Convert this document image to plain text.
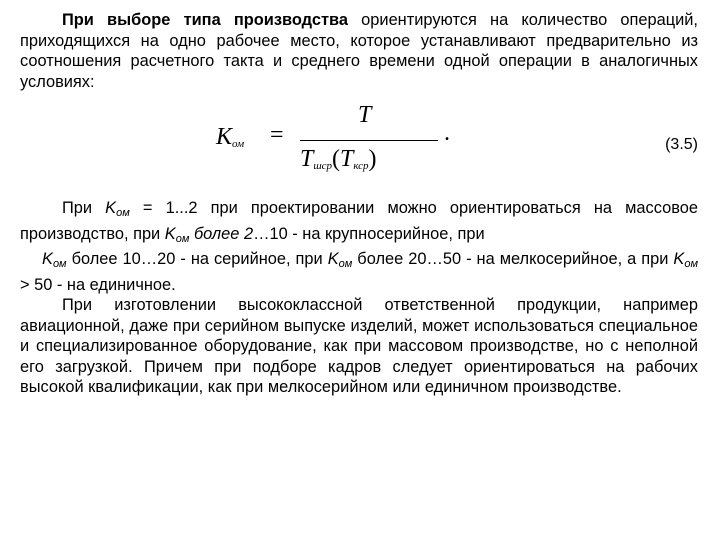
При выборе типа производства ориентируются на количество операций, приходящихся на одно рабочее место, которое устанавливают предварительно из соотношения расчетного такта и среднего времени одной операции в аналогичных условиях:

$K_{ом}$ =
T
$T_{шср}(T_{кср})$
.	(3.5)

При $K_{ом} = 1...2$ при проектировании можно ориентироваться на массовое производство, при $K_{ом}$ более 2…10 - на крупносерийное, при

$K_{ом}$ более 10…20 - на серийное, при $K_{ом}$ более 20…50 - на мелкосерийное, а при $K_{ом} > 50$ - на единичное.

При изготовлении высококлассной ответственной продукции, например авиационной, даже при серийном выпуске изделий, может использоваться специальное и специализированное оборудование, как при массовом производстве, но с неполной его загрузкой. Причем при подборе кадров следует ориентироваться на рабочих высокой квалификации, как при мелкосерийном или единичном производстве.
